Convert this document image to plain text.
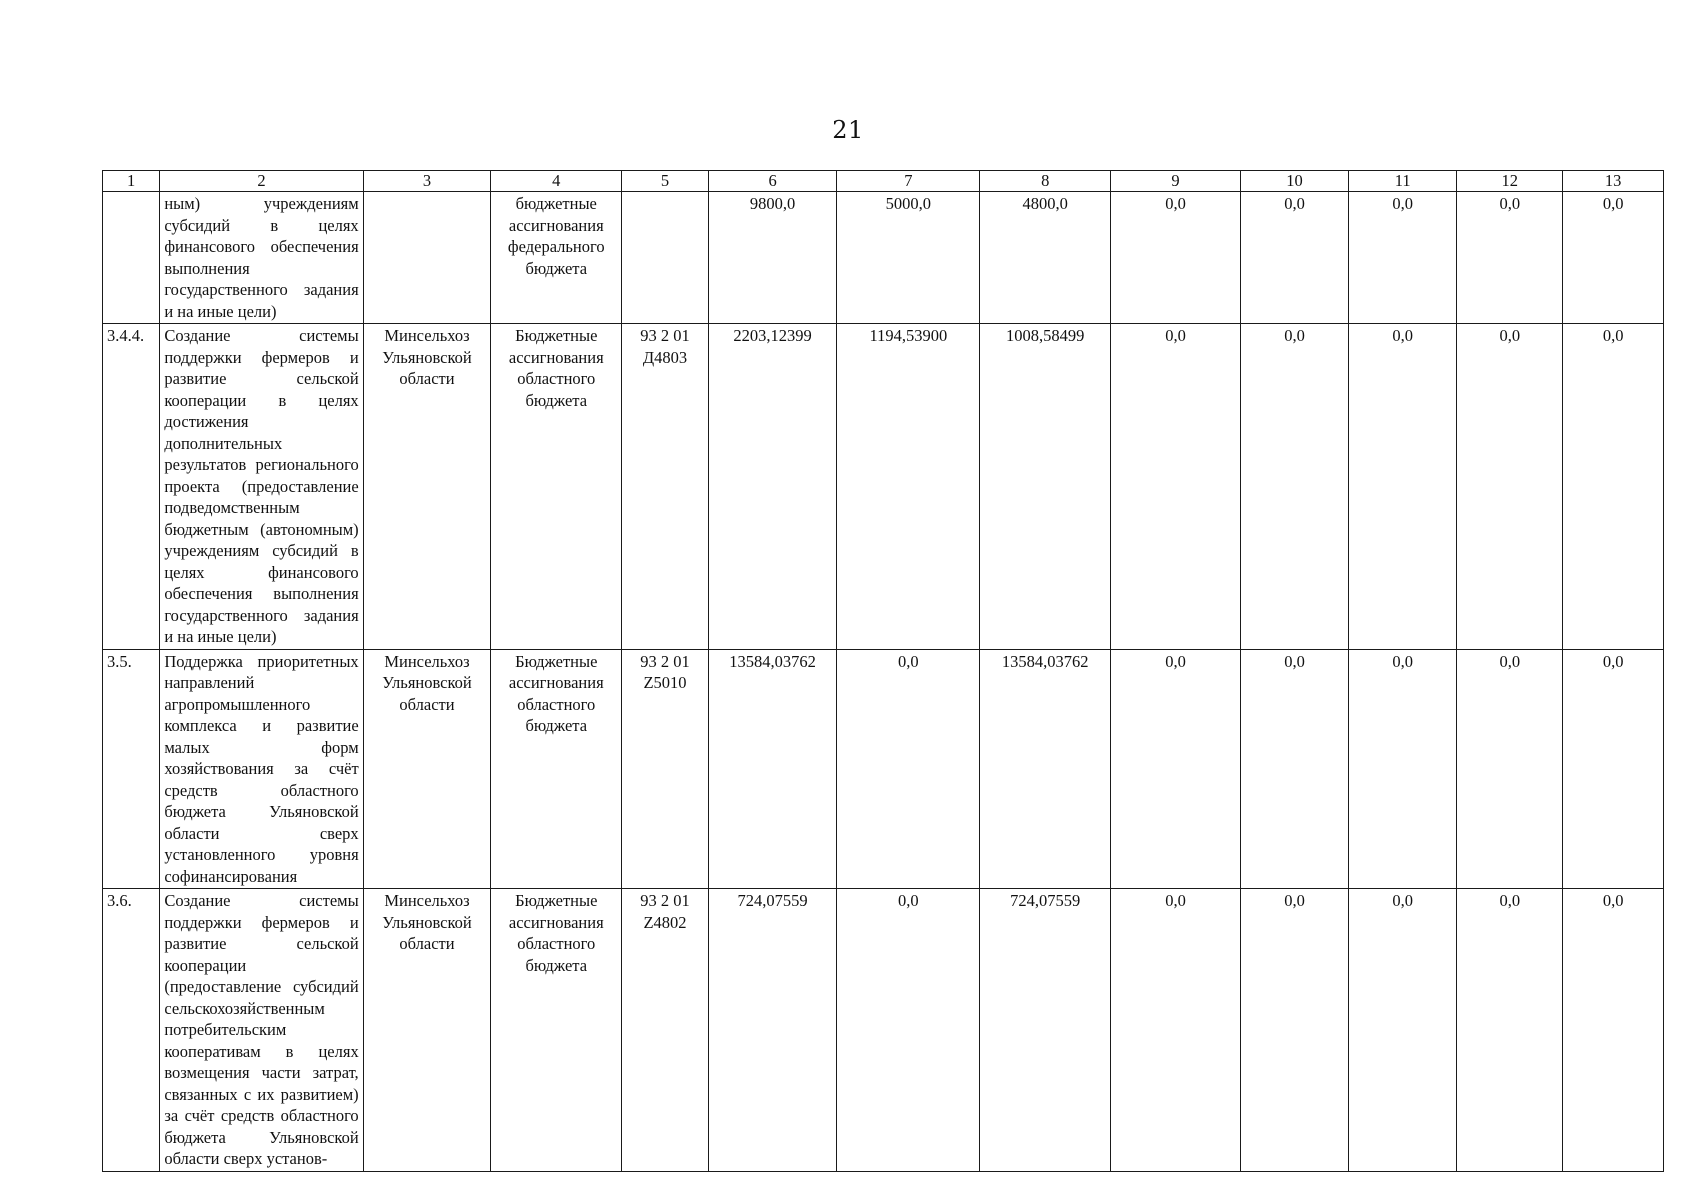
21
1	2	3	4	5	6	7	8	9	10	11	12	13
	ным) учреждениям субсидий в целях финансового обеспечения выполнения государственного задания и на иные цели)		бюджетные ассигнования федерального бюджета		9800,0	5000,0	4800,0	0,0	0,0	0,0	0,0	0,0
3.4.4.	Создание системы поддержки фермеров и развитие сельской кооперации в целях достижения дополнительных результатов регионального проекта (предоставление подведомственным бюджетным (автономным) учреждениям субсидий в целях финансового обеспечения выполнения государственного задания и на иные цели)	Минсельхоз Ульяновской области	Бюджетные ассигнования областного бюджета	93 2 01 Д4803	2203,12399	1194,53900	1008,58499	0,0	0,0	0,0	0,0	0,0
3.5.	Поддержка приоритетных направлений агропромышленного комплекса и развитие малых форм хозяйствования за счёт средств областного бюджета Ульяновской области сверх установленного уровня софинансирования	Минсельхоз Ульяновской области	Бюджетные ассигнования областного бюджета	93 2 01 Z5010	13584,03762	0,0	13584,03762	0,0	0,0	0,0	0,0	0,0
3.6.	Создание системы поддержки фермеров и развитие сельской кооперации (предоставление субсидий сельскохозяйственным потребительским кооперативам в целях возмещения части затрат, связанных с их развитием) за счёт средств областного бюджета Ульяновской области сверх установ-	Минсельхоз Ульяновской области	Бюджетные ассигнования областного бюджета	93 2 01 Z4802	724,07559	0,0	724,07559	0,0	0,0	0,0	0,0	0,0
